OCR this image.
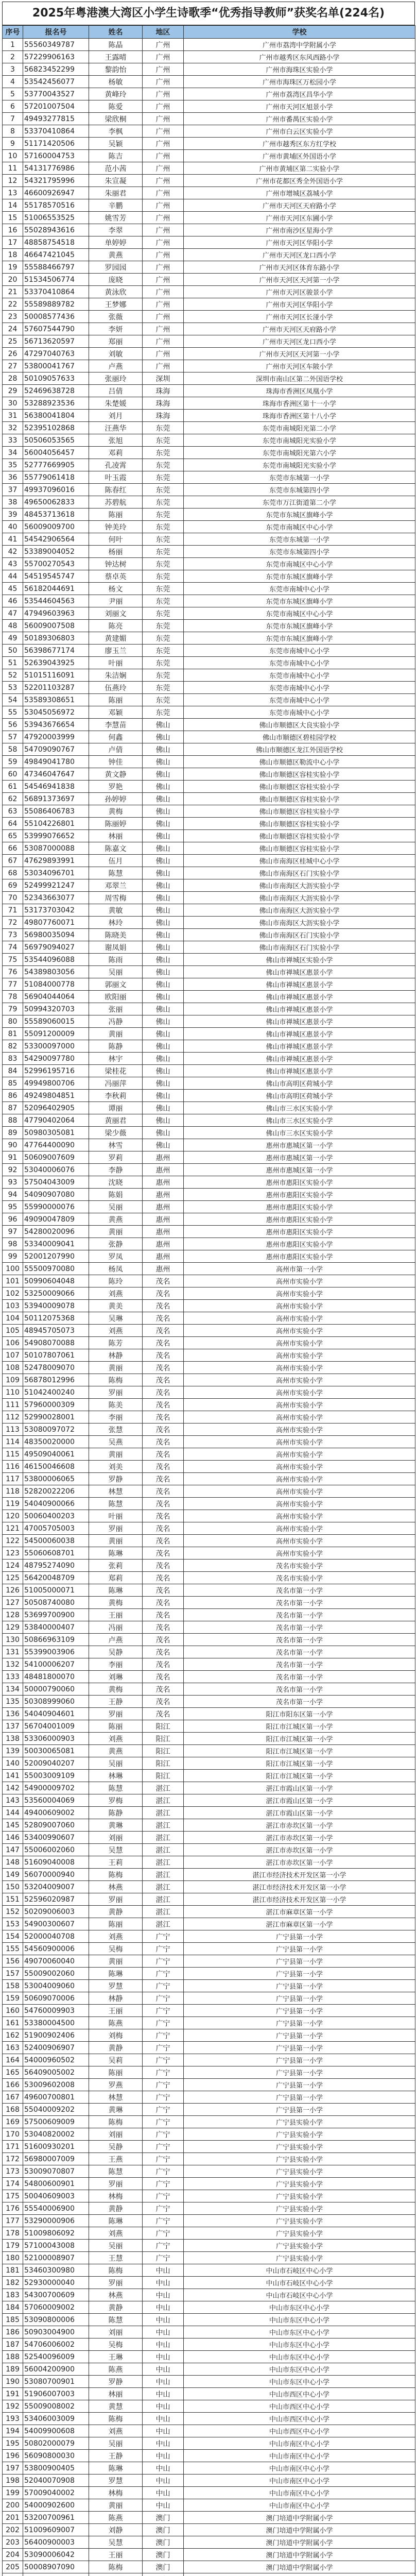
2025年粤港澳大湾区小学生诗歌季“优秀指导教师”获奖名单(224名)
序号	报名号	姓名	地区	学校
1	55560349787	陈晶	广州	广州市荔湾中学附属小学
2	57229906163	王露晴	广州	广州市越秀区东风西路小学
3	56823452299	黎韵怡	广州	广州市海珠区实验小学
4	53542456077	杨敏	广州	广州市海珠区万松园小学
5	53770043527	黄峰玲	广州	广州市荔湾区昌华小学
6	57201007504	陈爱	广州	广州市天河区旭景小学
7	49493277815	梁欣桐	广州	广州市番禺区实验小学
8	53370410864	李枫	广州	广州市白云区实验小学
9	51171420506	吴颖	广州	广州市越秀区东方红学校
10	57160004753	陈吉	广州	广州市黄埔区外国语小学
11	54131776986	范小茜	广州	广州市黄埔区第二实验小学
12	54321795996	朱宣凝	广州	广州市花都区秀全外国语小学
13	46600926947	朱丽君	广州	广州市增城区荔城小学
14	55178570516	辛鹏	广州	广州市天河区天府路小学
15	51006553525	姚雪芳	广州	广州市天河区东圃小学
16	55028943616	李翠	广州	广州市南沙区星海小学
17	48858754518	单婷婷	广州	广州市天河区华阳小学
18	46647421045	黄燕	广州	广州市天河区龙口西小学
19	55588466797	罗园园	广州	广州市天河区体育东路小学
20	51534506774	庞晓	广州	广州市天河区天河第一小学
21	53370410864	黄泳欣	广州	广州市天河区骏景小学
22	55589889782	王梦娜	广州	广州市天河区华阳小学
23	50008577436	张薇	广州	广州市天河区长湴小学
24	57607544790	李妍	广州	广州市天河区天府路小学
25	56713620597	郑丽	广州	广州市天河区龙口西小学
26	47297040763	刘敏	广州	广州市天河区天河第一小学
27	53800041767	卢燕	广州	广州市天河区车陂小学
28	50109057633	张丽玲	深圳	深圳市南山区第二外国语学校
29	52469638728	吕倩	珠海	珠海市香洲区凤凰小学
30	53288923536	朱楚媛	珠海	珠海市香洲区第十一小学
31	56380041804	刘月	珠海	珠海市香洲区第十八小学
32	52395102868	汪燕华	东莞	东莞市南城阳光第二小学
33	50506053565	张旭	东莞	东莞市南城阳光实验小学
34	56004056457	邓莉	东莞	东莞市南城阳光第六小学
35	52777669905	孔凌霄	东莞	东莞市南城阳光实验小学
36	55779061418	叶玉霞	东莞	东莞市东城第一小学
37	49937096016	陈春红	东莞	东莞市东城第四小学
38	49650062833	苏碧航	东莞	东莞市万江街道第二小学
39	48453713618	陈丽	东莞	东莞市东城区旗峰小学
40	56009009700	钟美玲	东莞	东莞市南城区中心小学
41	54542906564	何叶	东莞	东莞市东城第一小学
42	53389004052	杨丽	东莞	东莞市东城第四小学
43	55700270543	钟达树	东莞	东莞市南城区中心小学
44	54519545747	蔡卓英	东莞	东莞市东城区旗峰小学
45	56182044691	杨文	东莞	东莞市南城中心小学
46	53544604563	尹丽	东莞	东莞市东城区旗峰小学
47	47949603963	刘丽文	东莞	东莞市南城区中心小学
48	56009007508	陈亮	东莞	东莞市东城区旗峰小学
49	50189306803	黄建媚	东莞	东莞市东城区旗峰小学
50	56398677174	廖玉兰	东莞	东莞市南城中心小学
51	52639043925	叶丽	东莞	东莞市南城中心小学
52	51015116091	朱洁娴	东莞	东莞市南城中心小学
53	52201103287	伍燕玲	东莞	东莞市南城中心小学
54	53589308651	陈丽	东莞	东莞市南城中心小学
55	53045056972	邓颖	东莞	东莞市南城中心小学
56	53943676654	李慧苗	佛山	佛山市顺德区大良实验小学
57	47920003999	何鑫	佛山	佛山市顺德区碧桂园学校
58	54709090767	卢倩	佛山	佛山市顺德区龙江外国语学校
59	49849041780	钟佳	佛山	佛山市顺德区勒流中心小学
60	47346047647	黄文静	佛山	佛山市顺德区容桂实验小学
61	54546941838	罗艳	佛山	佛山市顺德区容桂实验小学
62	56891373697	孙婷婷	佛山	佛山市顺德区容桂实验小学
63	55086406783	黄梅	佛山	佛山市顺德区容桂实验小学
64	55104226801	陈丽婷	佛山	佛山市顺德区容桂实验小学
65	53999076652	林丽	佛山	佛山市顺德区容桂实验小学
66	53087000088	陈嘉文	佛山	佛山市顺德区容桂实验小学
67	47629893991	伍月	佛山	佛山市南海区桂城中心小学
68	53034096701	陈慧	佛山	佛山市南海区石门实验小学
69	52499921247	邓翠兰	佛山	佛山市南海区大沥实验小学
70	52343663077	周雪梅	佛山	佛山市南海区大沥实验小学
71	53173703042	黄敏	佛山	佛山市南海区大沥实验小学
72	49807760071	林玲	佛山	佛山市南海区大沥实验小学
73	56980035094	陈晓美	佛山	佛山市南海区石门实验小学
74	56979094027	谢凤娟	佛山	佛山市南海区石门实验小学
75	53544096088	陈雨	佛山	佛山市禅城区实验小学
76	54389803056	吴丽	佛山	佛山市禅城区惠景小学
77	51084000778	郭丽文	佛山	佛山市禅城区惠景小学
78	56904044064	欧阳丽	佛山	佛山市禅城区惠景小学
79	50994320703	张丽	佛山	佛山市禅城区惠景小学
80	55589060015	冯静	佛山	佛山市禅城区惠景小学
81	55091200009	黄丽	佛山	佛山市禅城区惠景小学
82	53300097000	陈静	佛山	佛山市禅城区惠景小学
83	54290097780	林宇	佛山	佛山市禅城区惠景小学
84	52996195716	梁桂花	佛山	佛山市禅城区惠景小学
85	49949800706	冯丽萍	佛山	佛山市高明区荷城小学
86	49249804851	李秋莉	佛山	佛山市高明区荷城小学
87	52096402905	谭丽	佛山	佛山市三水区实验小学
88	47790402064	黄丽君	佛山	佛山市三水区实验小学
89	50980305081	梁少薇	佛山	佛山市三水区实验小学
90	47764400090	林雪	佛山	惠州市惠城区第一小学
91	50609007609	罗莉	惠州	惠州市惠城区第一小学
92	53040006076	李静	惠州	惠州市惠城区第一小学
93	57504043009	沈晓	惠州	惠州市惠阳区实验小学
94	54090907080	陈娟	惠州	惠州市惠阳区实验小学
95	55990000076	吴丽	惠州	惠州市惠阳区实验小学
96	49090047809	黄燕	惠州	惠州市惠阳区实验小学
97	54280020096	黄丽	惠州	惠州市惠阳区实验小学
98	53340009041	张静	惠州	惠州市惠阳区实验小学
99	52001207990	罗凤	惠州	惠州市惠阳区实验小学
100	55500970080	杨凤	惠州	高州市第一小学
101	50990604048	陈玲	茂名	高州市实验小学
102	53250009066	刘燕	茂名	高州市实验小学
103	53940009078	黄美	茂名	高州市实验小学
104	50112075368	吴琳	茂名	高州市实验小学
105	48945705073	刘燕	茂名	高州市实验小学
106	54908070088	陈芳	茂名	高州市实验小学
107	50107807061	林静	茂名	高州市实验小学
108	52478009070	黄丽	茂名	高州市实验小学
109	56878012996	陈梅	茂名	高州市实验小学
110	51042400240	罗丽	茂名	高州市实验小学
111	57960000309	陈美	茂名	高州市实验小学
112	52990028001	李丽	茂名	高州市实验小学
113	53080097072	张慧	茂名	高州市实验小学
114	48350020000	吴燕	茂名	高州市实验小学
115	49509040061	黄丽	茂名	高州市实验小学
116	46150046608	刘美	茂名	高州市实验小学
117	53800006065	罗静	茂名	高州市实验小学
118	52820022206	林慧	茂名	高州市实验小学
119	54040900066	陈慧	茂名	高州市实验小学
120	50060400203	叶丽	茂名	高州市实验小学
121	47005705003	罗丽	茂名	高州市实验小学
122	54500060038	黄丽	茂名	高州市实验小学
123	55060608701	陈琳	茂名	高州市实验小学
124	48795274090	张莉	茂名	茂名市实验小学
125	56420048709	郑莉	茂名	茂名市实验小学
126	51005000071	陈琳	茂名	茂名市第一小学
127	50508740080	黄梅	茂名	茂名市第一小学
128	53699700900	王丽	茂名	茂名市第一小学
129	53840000407	冯丽	茂名	茂名市第一小学
130	50866963109	卢燕	茂名	茂名市第一小学
131	55399003906	吴静	茂名	茂名市第一小学
132	54100006207	李丽	茂名	茂名市第一小学
133	48481800070	刘琳	茂名	茂名市第一小学
134	50000790060	黄梅	茂名	茂名市第一小学
135	50308999060	王静	茂名	茂名市第一小学
136	54040904601	罗丽	茂名	阳江市阳东区第一小学
137	56704001009	陈丽	阳江	阳江市江城区第一小学
138	53306000903	刘燕	阳江	阳江市江城区第一小学
139	50030065081	黄燕	阳江	阳江市江城区第一小学
140	52009040207	吴丽	阳江	阳江市江城区第一小学
141	55003009109	林琳	阳江	阳江市江城区第一小学
142	54900009702	陈慧	湛江	湛江市霞山区第一小学
143	53560004069	罗梅	湛江	湛江市霞山区第一小学
144	49400609002	陈静	湛江	湛江市霞山区第一小学
145	52809007060	黄琳	湛江	湛江市赤坎区第一小学
146	53400990607	刘丽	湛江	湛江市赤坎区第一小学
147	55006002060	吴慧	湛江	湛江市赤坎区第一小学
148	51609040008	王莉	湛江	湛江市赤坎区第一小学
149	56070000940	陈梅	湛江	湛江市经济技术开发区第一小学
150	53204009007	林燕	湛江	湛江市经济技术开发区第一小学
151	52596020987	罗丽	湛江	湛江市经济技术开发区第一小学
152	50209006003	黄静	湛江	湛江市麻章区第一小学
153	54900300607	陈丽	湛江	湛江市麻章区第一小学
154	52000040708	刘燕	广宁	广宁县第一小学
155	54560900006	吴梅	广宁	广宁县第一小学
156	49070060040	黄丽	广宁	广宁县第一小学
157	55009002060	陈琳	广宁	广宁县第一小学
158	53004009060	罗慧	广宁	广宁县第一小学
159	50609070006	林静	广宁	广宁县第一小学
160	54760009903	王丽	广宁	广宁县第一小学
161	53380004500	陈燕	广宁	广宁县第一小学
162	51900902406	刘梅	广宁	广宁县第一小学
163	52400906907	黄静	广宁	广宁县第一小学
164	54000960502	吴莉	广宁	广宁县第一小学
165	56409005002	陈丽	广宁	广宁县第一小学
166	53009602008	罗燕	广宁	广宁县第一小学
167	49600700801	林慧	广宁	广宁县第一小学
168	55040009202	黄琳	广宁	广宁县第一小学
169	57500609009	陈梅	广宁	广宁县实验小学
170	53040820002	刘丽	广宁	广宁县实验小学
171	51600930201	吴静	广宁	广宁县实验小学
172	56980007009	王燕	广宁	广宁县实验小学
173	53009070807	陈慧	广宁	广宁县实验小学
174	54800600901	罗丽	广宁	广宁县实验小学
175	50040609003	林梅	广宁	广宁县实验小学
176	55540006900	黄静	广宁	广宁县实验小学
177	53290000906	陈琳	广宁	广宁县实验小学
178	51009806092	刘燕	广宁	广宁县实验小学
179	57100043008	吴丽	广宁	广宁县实验小学
180	52100008907	王慧	广宁	广宁县实验小学
181	53460300980	陈梅	中山	中山市石岐区中心小学
182	52930000040	罗丽	中山	中山市石岐区中心小学
183	54300700609	林燕	中山	中山市石岐区中心小学
184	57060009002	黄静	中山	中山市东区中心小学
185	53090800006	陈慧	中山	中山市东区中心小学
186	50903004900	刘丽	中山	中山市东区中心小学
187	54706006002	吴梅	中山	中山市东区中心小学
188	52540096009	王琳	中山	中山市东区中心小学
189	56004200900	陈燕	中山	中山市东区中心小学
190	53080700901	罗静	中山	中山市东区中心小学
191	51906007003	林丽	中山	中山市西区中心小学
192	55009008002	黄慧	中山	中山市西区中心小学
193	53406003009	陈梅	中山	中山市西区中心小学
194	54009900608	刘燕	中山	中山市西区中心小学
195	50802000079	吴丽	中山	中山市南区中心小学
196	56090800030	王静	中山	中山市南区中心小学
197	53800900405	陈琳	中山	中山市南区中心小学
198	52040070908	罗慧	中山	中山市南区中心小学
199	57009040002	林梅	中山	中山市南区中心小学
200	54000902600	黄丽	中山	中山市南区中心小学
201	53200700961	陈燕	澳门	澳门培道中学附属小学
202	51009609007	刘静	澳门	澳门培道中学附属小学
203	56400900003	吴慧	澳门	澳门培道中学附属小学
204	53090006042	王丽	澳门	澳门培道中学附属小学
205	50008907090	陈梅	澳门	澳门培道中学附属小学
